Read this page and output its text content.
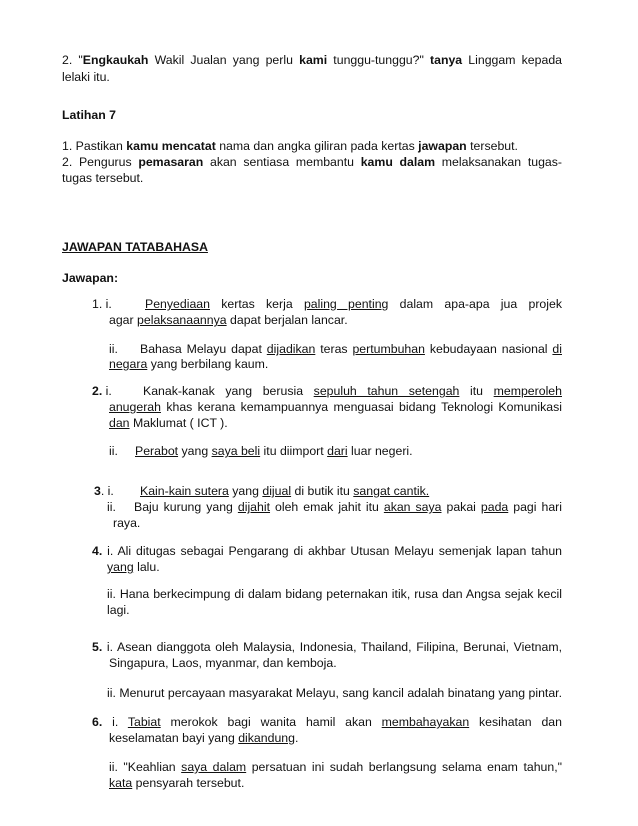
2. "Engkaukah Wakil Jualan yang perlu kami tunggu-tunggu?" tanya Linggam kepada
lelaki itu.
Latihan 7
1. Pastikan kamu mencatat nama dan angka giliran pada kertas jawapan tersebut.
2. Pengurus pemasaran akan sentiasa membantu kamu dalam melaksanakan tugas-
tugas tersebut.
JAWAPAN TATABAHASA
Jawapan:
1. i.	Penyediaan kertas kerja paling penting dalam apa-apa jua projek
agar pelaksanaannya dapat berjalan lancar.
ii. Bahasa Melayu dapat dijadikan teras pertumbuhan kebudayaan nasional di
negara yang berbilang kaum.
2. i.	Kanak-kanak yang berusia sepuluh tahun setengah itu memperoleh
anugerah khas kerana kemampuannya menguasai bidang Teknologi Komunikasi
dan Maklumat ( ICT ).
ii. Perabot yang saya beli itu diimport dari luar negeri.
3. i. Kain-kain sutera yang dijual di butik itu sangat cantik.
ii. Baju kurung yang dijahit oleh emak jahit itu akan saya pakai pada pagi hari
raya.
4. i. Ali ditugas sebagai Pengarang di akhbar Utusan Melayu semenjak lapan tahun
yang lalu.
ii. Hana berkecimpung di dalam bidang peternakan itik, rusa dan Angsa sejak kecil
lagi.
5. i. Asean dianggota oleh Malaysia, Indonesia, Thailand, Filipina, Berunai, Vietnam,
Singapura, Laos, myanmar, dan kemboja.
ii. Menurut percayaan masyarakat Melayu, sang kancil adalah binatang yang pintar.
6. i. Tabiat merokok bagi wanita hamil akan membahayakan kesihatan dan
keselamatan bayi yang dikandung.
ii. "Keahlian saya dalam persatuan ini sudah berlangsung selama enam tahun,"
kata pensyarah tersebut.
